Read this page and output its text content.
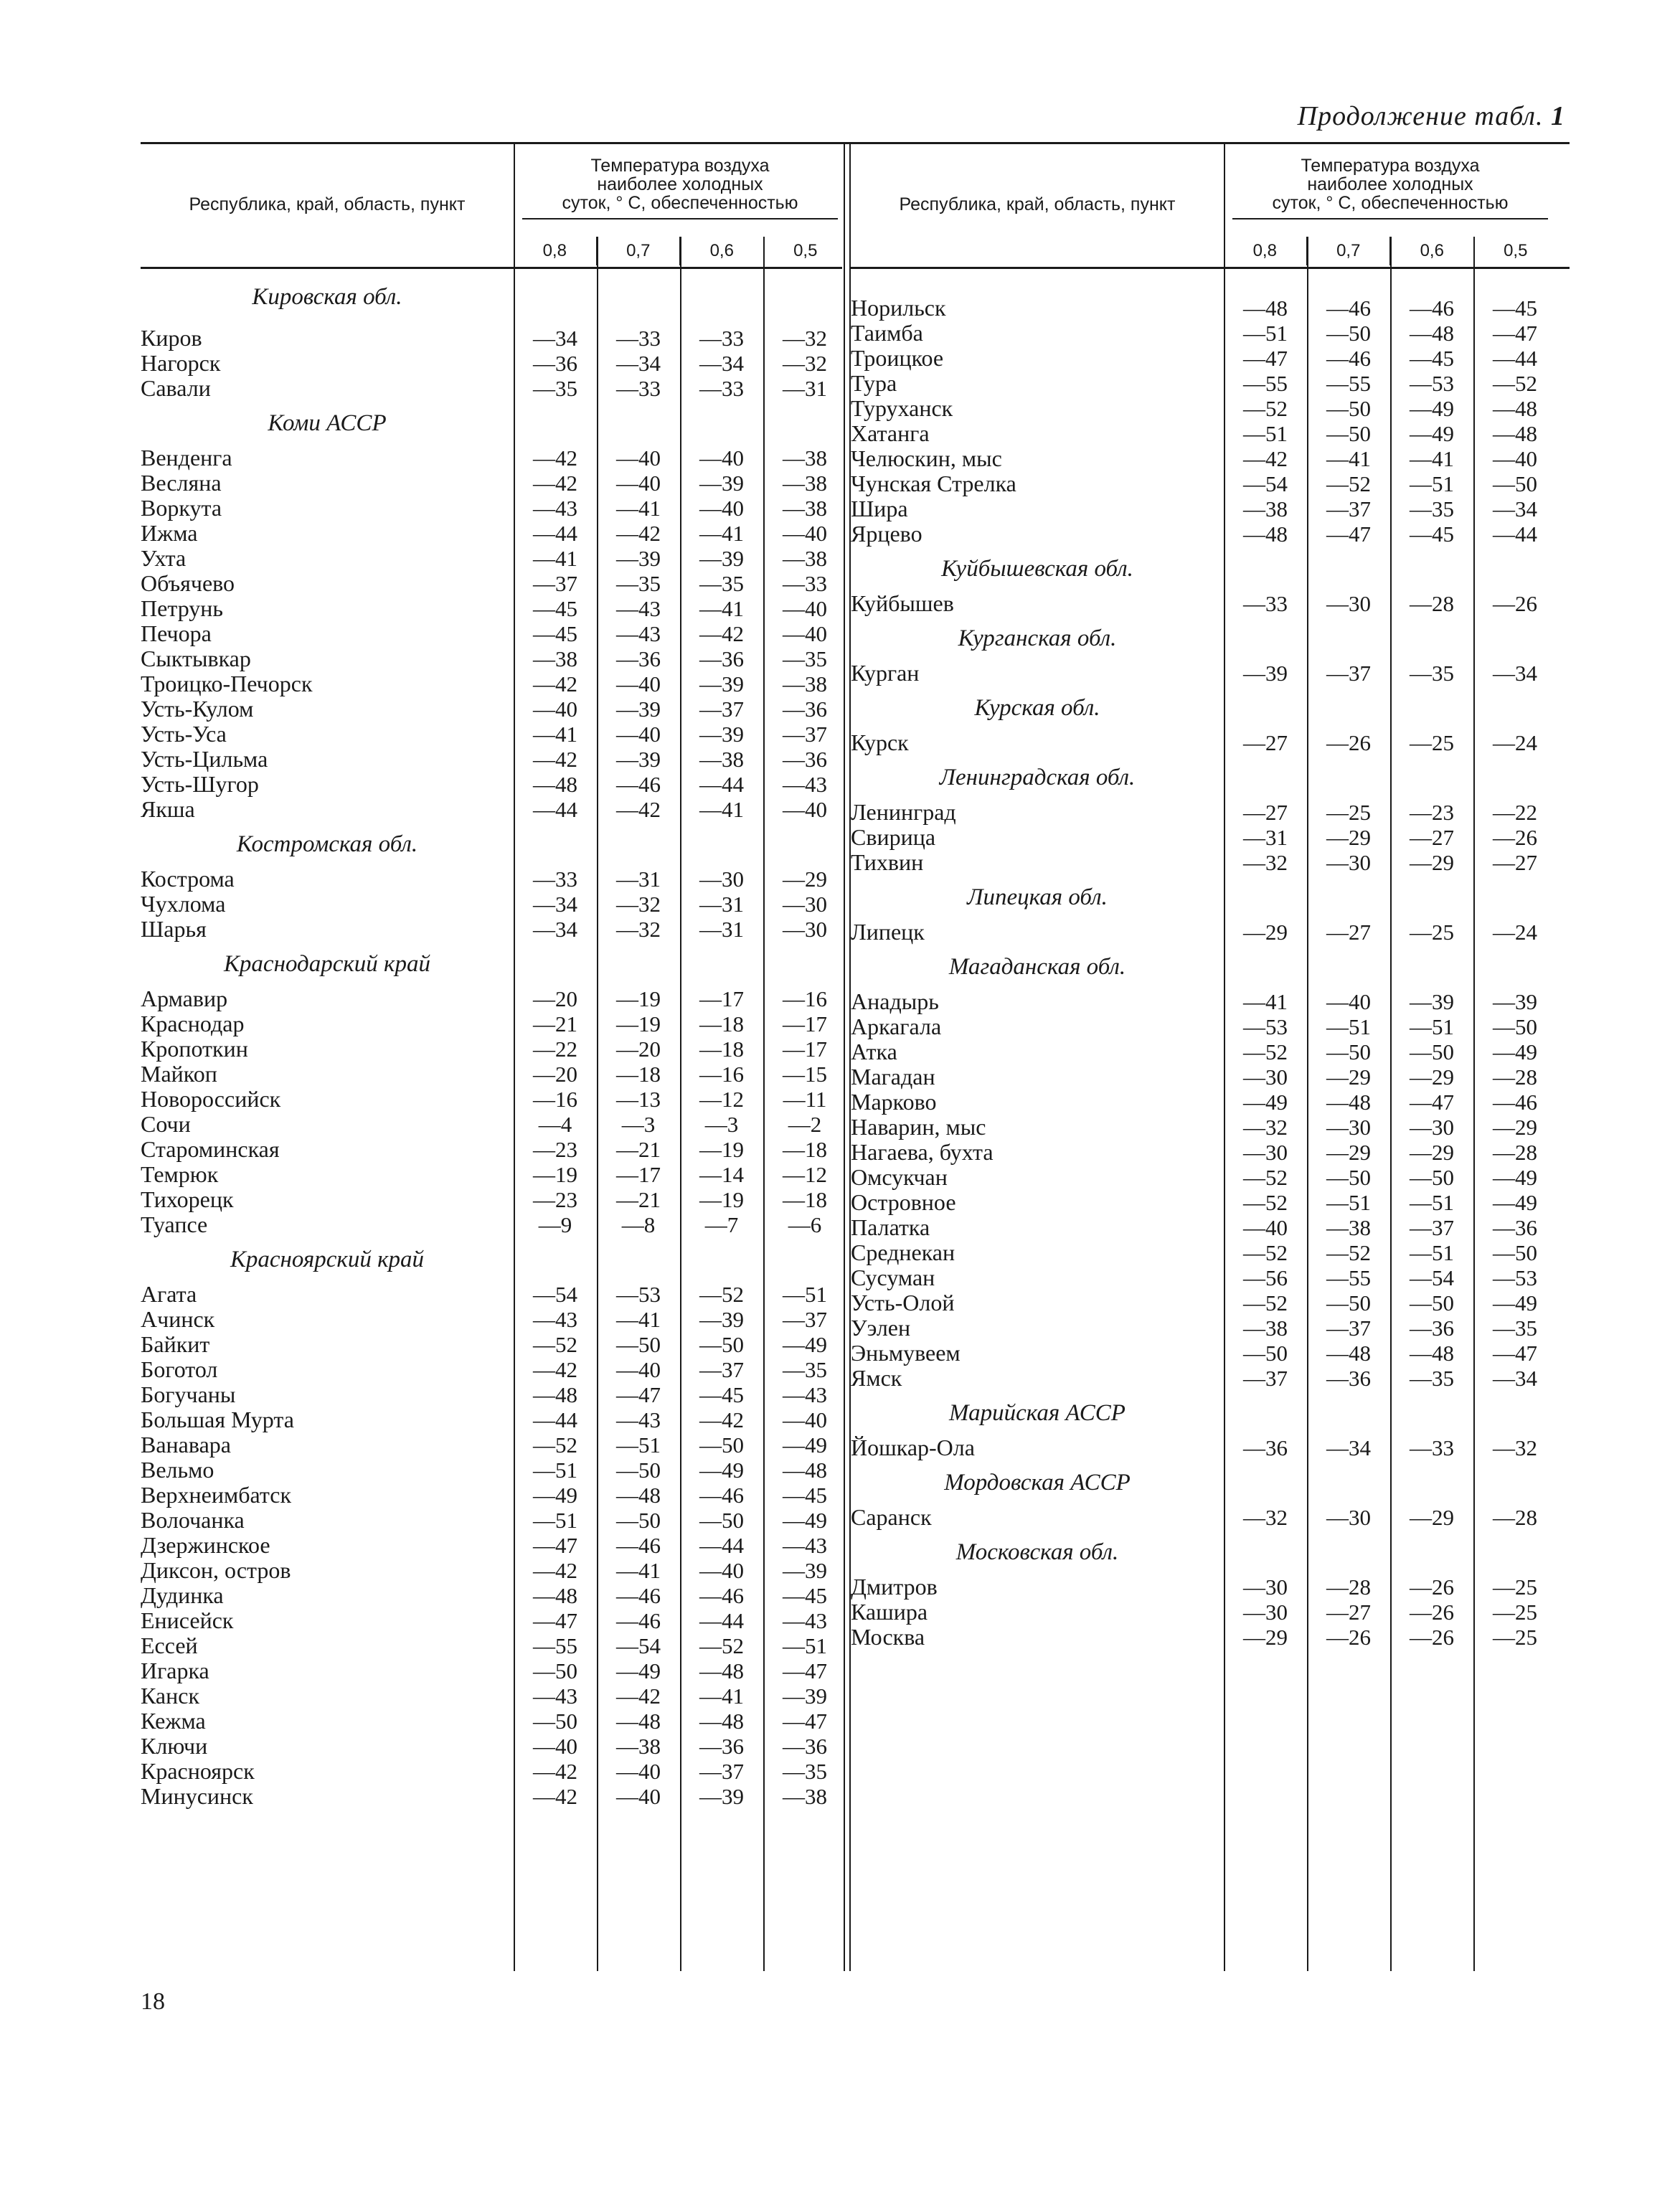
Продолжение табл. 1
Республика, край, область, пункт
Температура воздуха
наиболее холодных
суток, ° С, обеспеченностью
0,8	0,7	0,6	0,5
Кировская обл.
Киров	—34	—33	—33	—32
Нагорск	—36	—34	—34	—32
Савали	—35	—33	—33	—31
Коми АССР
Венденга	—42	—40	—40	—38
Весляна	—42	—40	—39	—38
Воркута	—43	—41	—40	—38
Ижма	—44	—42	—41	—40
Ухта	—41	—39	—39	—38
Объячево	—37	—35	—35	—33
Петрунь	—45	—43	—41	—40
Печора	—45	—43	—42	—40
Сыктывкар	—38	—36	—36	—35
Троицко-Печорск	—42	—40	—39	—38
Усть-Кулом	—40	—39	—37	—36
Усть-Уса	—41	—40	—39	—37
Усть-Цильма	—42	—39	—38	—36
Усть-Шугор	—48	—46	—44	—43
Якша	—44	—42	—41	—40
Костромская обл.
Кострома	—33	—31	—30	—29
Чухлома	—34	—32	—31	—30
Шарья	—34	—32	—31	—30
Краснодарский край
Армавир	—20	—19	—17	—16
Краснодар	—21	—19	—18	—17
Кропоткин	—22	—20	—18	—17
Майкоп	—20	—18	—16	—15
Новороссийск	—16	—13	—12	—11
Сочи	—4	—3	—3	—2
Староминская	—23	—21	—19	—18
Темрюк	—19	—17	—14	—12
Тихорецк	—23	—21	—19	—18
Туапсе	—9	—8	—7	—6
Красноярский край
Агата	—54	—53	—52	—51
Ачинск	—43	—41	—39	—37
Байкит	—52	—50	—50	—49
Боготол	—42	—40	—37	—35
Богучаны	—48	—47	—45	—43
Большая Мурта	—44	—43	—42	—40
Ванавара	—52	—51	—50	—49
Вельмо	—51	—50	—49	—48
Верхнеимбатск	—49	—48	—46	—45
Волочанка	—51	—50	—50	—49
Дзержинское	—47	—46	—44	—43
Диксон, остров	—42	—41	—40	—39
Дудинка	—48	—46	—46	—45
Енисейск	—47	—46	—44	—43
Ессей	—55	—54	—52	—51
Игарка	—50	—49	—48	—47
Канск	—43	—42	—41	—39
Кежма	—50	—48	—48	—47
Ключи	—40	—38	—36	—36
Красноярск	—42	—40	—37	—35
Минусинск	—42	—40	—39	—38
Республика, край, область, пункт
Температура воздуха
наиболее холодных
суток, ° С, обеспеченностью
0,8	0,7	0,6	0,5
Норильск	—48	—46	—46	—45
Таимба	—51	—50	—48	—47
Троицкое	—47	—46	—45	—44
Тура	—55	—55	—53	—52
Туруханск	—52	—50	—49	—48
Хатанга	—51	—50	—49	—48
Челюскин, мыс	—42	—41	—41	—40
Чунская Стрелка	—54	—52	—51	—50
Шира	—38	—37	—35	—34
Ярцево	—48	—47	—45	—44
Куйбышевская обл.
Куйбышев	—33	—30	—28	—26
Курганская обл.
Курган	—39	—37	—35	—34
Курская обл.
Курск	—27	—26	—25	—24
Ленинградская обл.
Ленинград	—27	—25	—23	—22
Свирица	—31	—29	—27	—26
Тихвин	—32	—30	—29	—27
Липецкая обл.
Липецк	—29	—27	—25	—24
Магаданская обл.
Анадырь	—41	—40	—39	—39
Аркагала	—53	—51	—51	—50
Атка	—52	—50	—50	—49
Магадан	—30	—29	—29	—28
Марково	—49	—48	—47	—46
Наварин, мыс	—32	—30	—30	—29
Нагаева, бухта	—30	—29	—29	—28
Омсукчан	—52	—50	—50	—49
Островное	—52	—51	—51	—49
Палатка	—40	—38	—37	—36
Среднекан	—52	—52	—51	—50
Сусуман	—56	—55	—54	—53
Усть-Олой	—52	—50	—50	—49
Уэлен	—38	—37	—36	—35
Эньмувеем	—50	—48	—48	—47
Ямск	—37	—36	—35	—34
Марийская АССР
Йошкар-Ола	—36	—34	—33	—32
Мордовская АССР
Саранск	—32	—30	—29	—28
Московская обл.
Дмитров	—30	—28	—26	—25
Кашира	—30	—27	—26	—25
Москва	—29	—26	—26	—25
18
